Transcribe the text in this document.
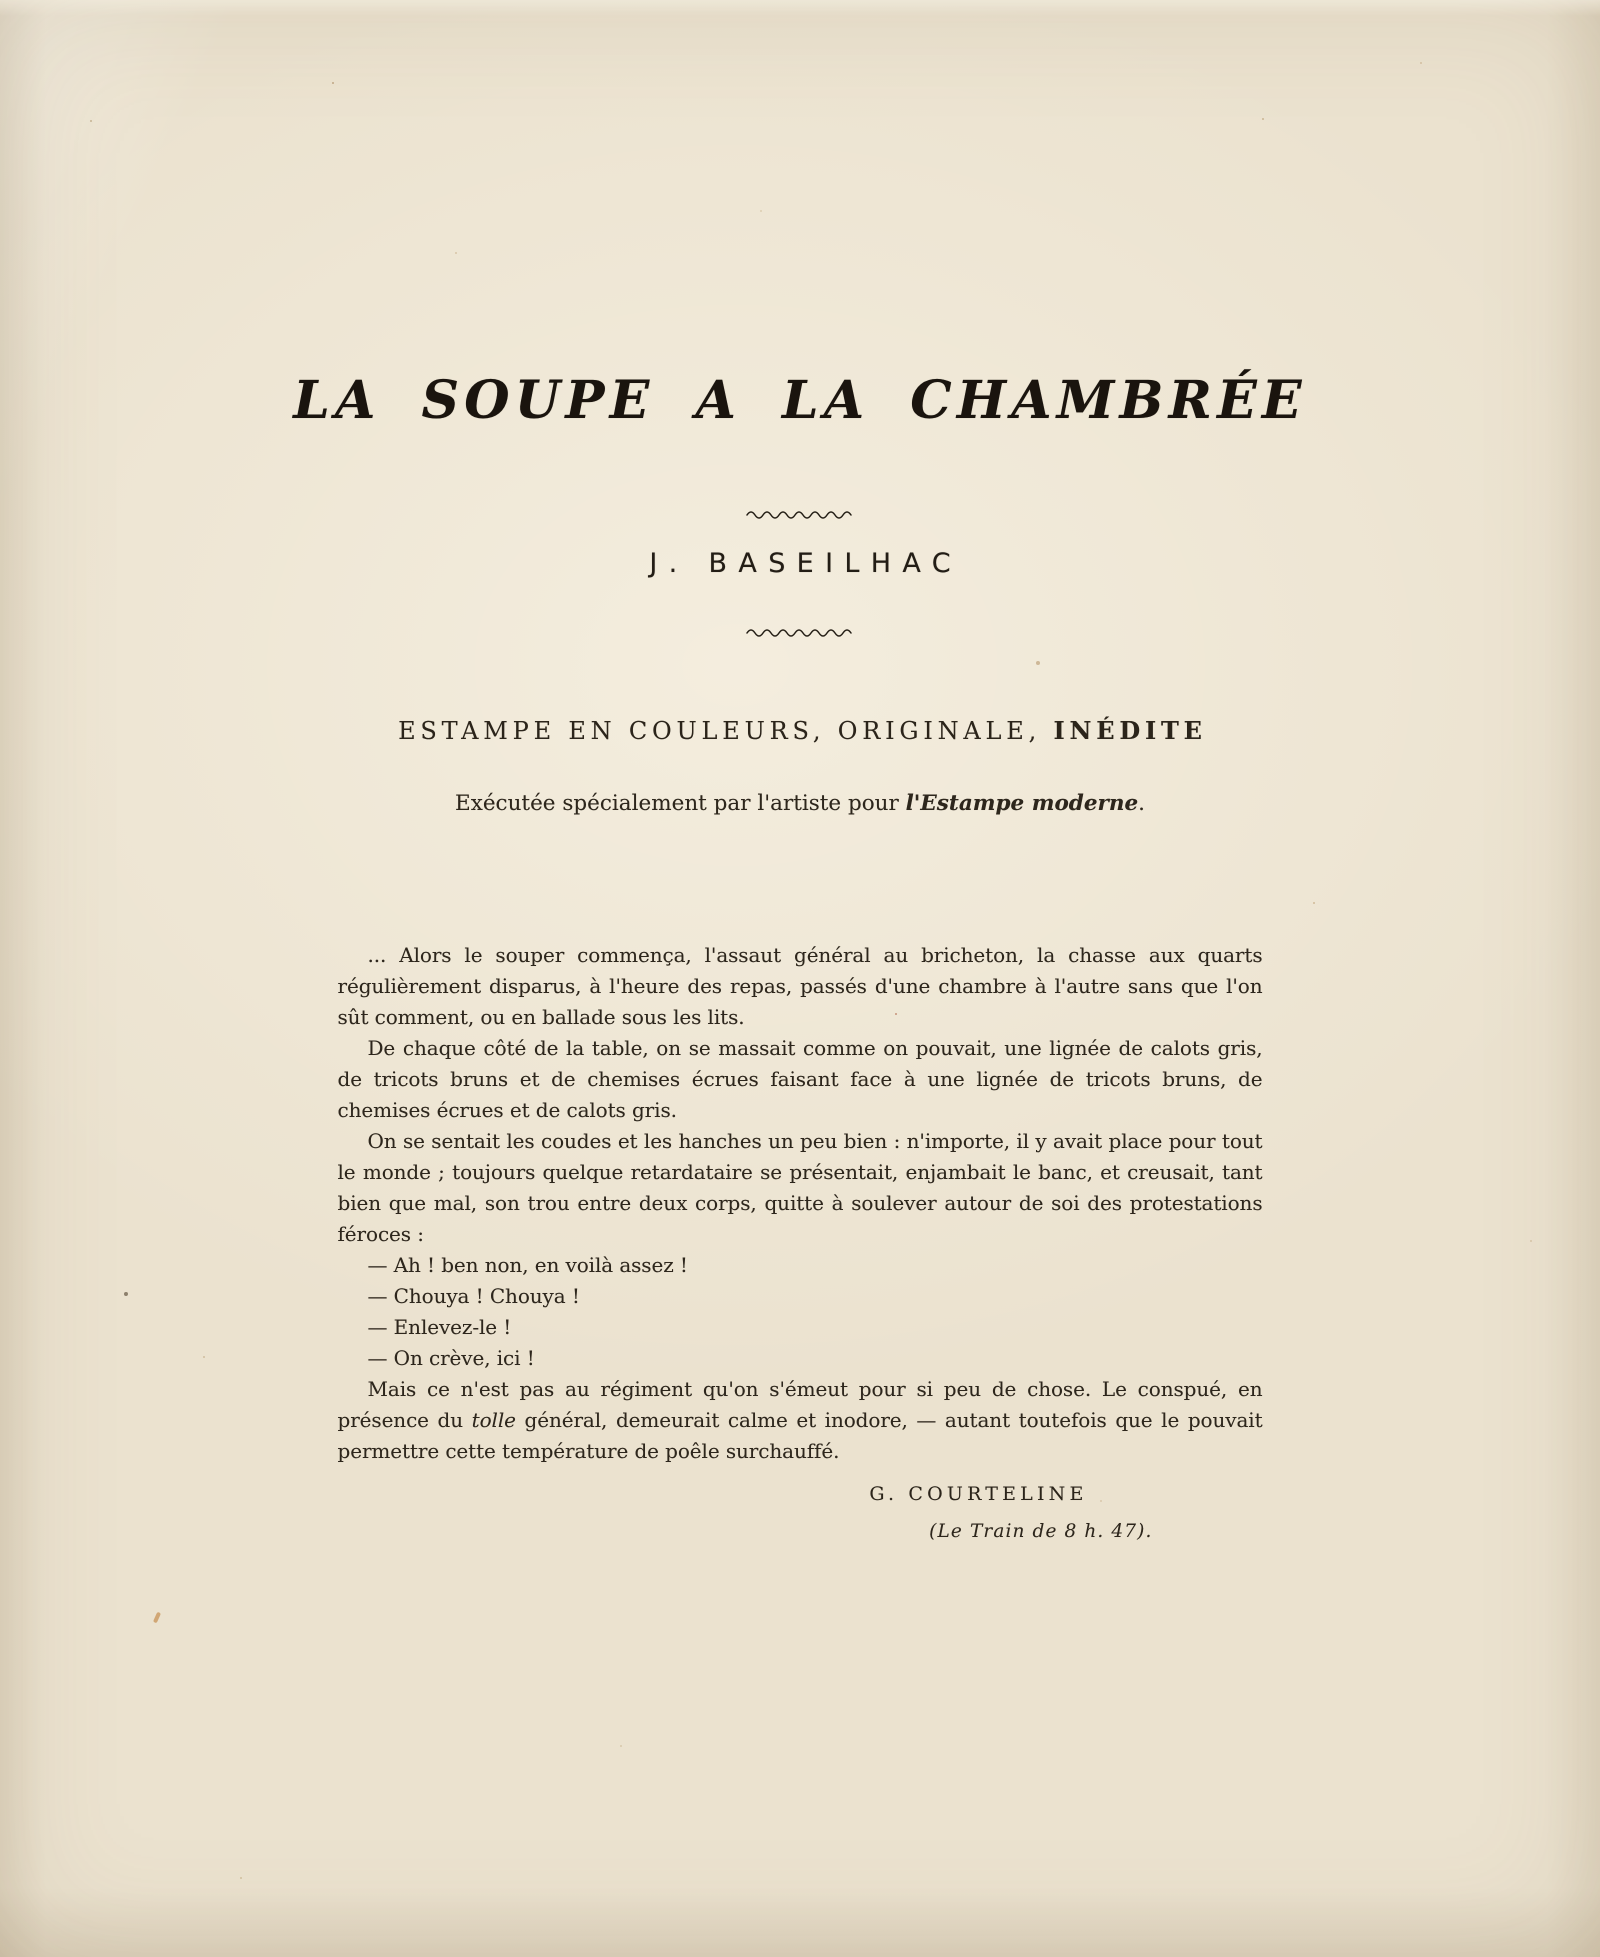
LA SOUPE A LA CHAMBRÉE
J. BASEILHAC
ESTAMPE EN COULEURS, ORIGINALE, INÉDITE
Exécutée spécialement par l'artiste pour l'Estampe moderne.

... Alors le souper commença, l'assaut général au bricheton, la chasse aux quarts régulièrement disparus, à l'heure des repas, passés d'une chambre à l'autre sans que l'on sût comment, ou en ballade sous les lits.

De chaque côté de la table, on se massait comme on pouvait, une lignée de calots gris, de tricots bruns et de chemises écrues faisant face à une lignée de tricots bruns, de chemises écrues et de calots gris.

On se sentait les coudes et les hanches un peu bien : n'importe, il y avait place pour tout le monde ; toujours quelque retardataire se présentait, enjambait le banc, et creusait, tant bien que mal, son trou entre deux corps, quitte à soulever autour de soi des protestations féroces :

— Ah ! ben non, en voilà assez !

— Chouya ! Chouya !

— Enlevez-le !

— On crève, ici !

Mais ce n'est pas au régiment qu'on s'émeut pour si peu de chose. Le conspué, en présence du tolle général, demeurait calme et inodore, — autant toutefois que le pouvait permettre cette température de poêle surchauffé.

G. COURTELINE
(Le Train de 8 h. 47).
